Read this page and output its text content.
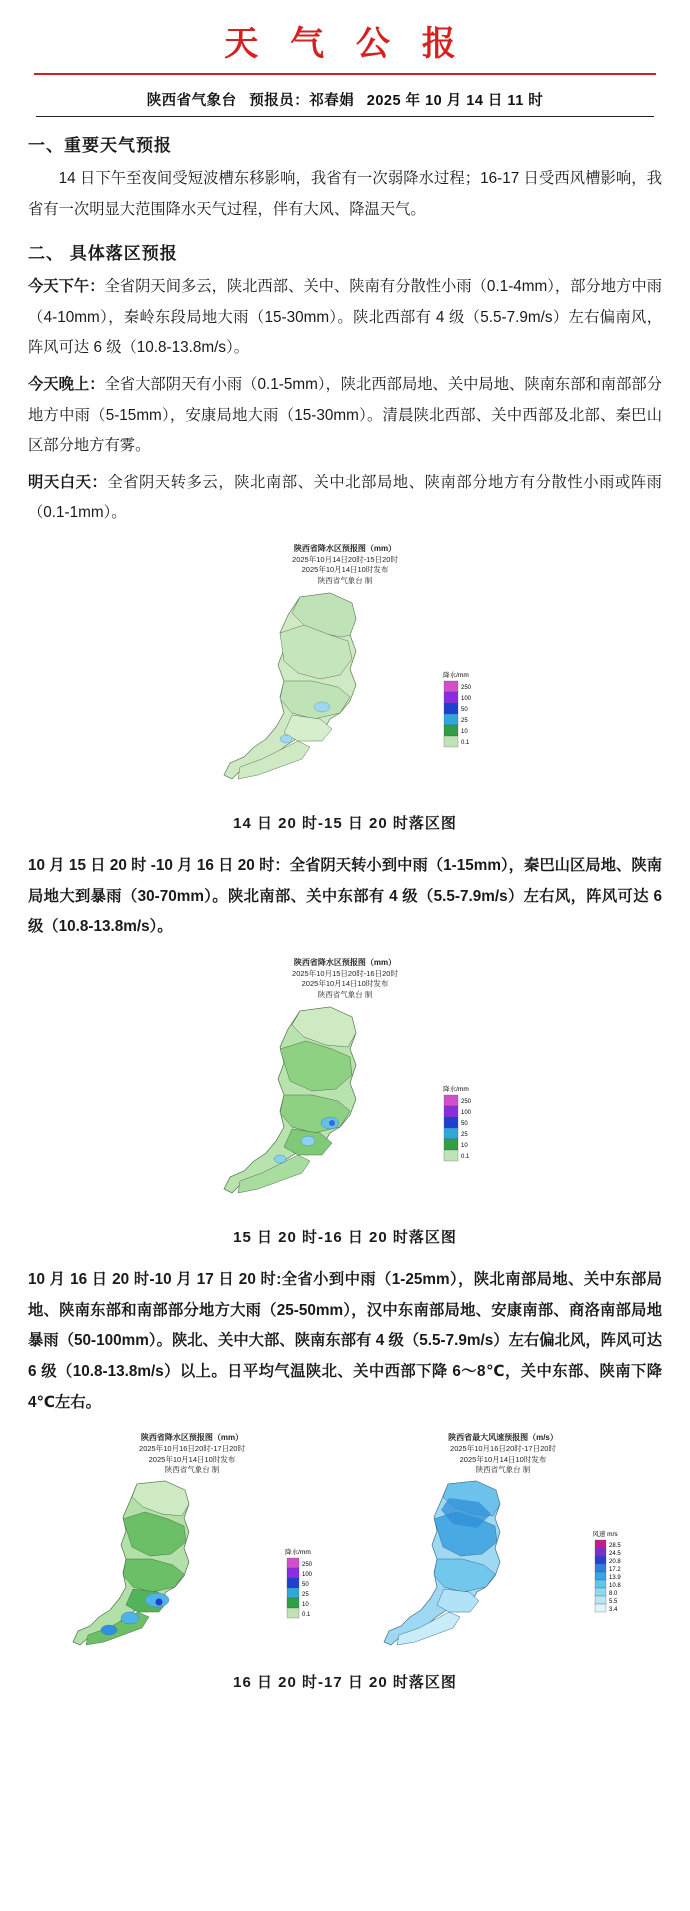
天 气 公 报
陕西省气象台 预报员：祁春娟 2025 年 10 月 14 日 11 时
一、重要天气预报

14 日下午至夜间受短波槽东移影响，我省有一次弱降水过程；16-17 日受西风槽影响，我省有一次明显大范围降水天气过程，伴有大风、降温天气。

二、 具体落区预报

今天下午：全省阴天间多云，陕北西部、关中、陕南有分散性小雨（0.1-4mm），部分地方中雨（4-10mm），秦岭东段局地大雨（15-30mm）。陕北西部有 4 级（5.5-7.9m/s）左右偏南风，阵风可达 6 级（10.8-13.8m/s）。

今天晚上：全省大部阴天有小雨（0.1-5mm），陕北西部局地、关中局地、陕南东部和南部部分地方中雨（5-15mm），安康局地大雨（15-30mm）。清晨陕北西部、关中西部及北部、秦巴山区部分地方有雾。

明天白天：全省阴天转多云，陕北南部、关中北部局地、陕南部分地方有分散性小雨或阵雨（0.1-1mm）。

陕西省降水区预报图（mm）
2025年10月14日20时-15日20时
2025年10月14日10时发布
陕西省气象台 制
降水/mm
250
100
50
25
10
0.1
14 日 20 时-15 日 20 时落区图

10 月 15 日 20 时 -10 月 16 日 20 时：全省阴天转小到中雨（1-15mm），秦巴山区局地、陕南局地大到暴雨（30-70mm）。陕北南部、关中东部有 4 级（5.5-7.9m/s）左右风，阵风可达 6 级（10.8-13.8m/s）。

陕西省降水区预报图（mm）
2025年10月15日20时-16日20时
2025年10月14日10时发布
陕西省气象台 制
降水/mm
250
100
50
25
10
0.1
15 日 20 时-16 日 20 时落区图

10 月 16 日 20 时-10 月 17 日 20 时:全省小到中雨（1-25mm），陕北南部局地、关中东部局地、陕南东部和南部部分地方大雨（25-50mm），汉中东南部局地、安康南部、商洛南部局地暴雨（50-100mm）。陕北、关中大部、陕南东部有 4 级（5.5-7.9m/s）左右偏北风，阵风可达 6 级（10.8-13.8m/s）以上。日平均气温陕北、关中西部下降 6～8℃，关中东部、陕南下降 4℃左右。

陕西省降水区预报图（mm）
2025年10月16日20时-17日20时
2025年10月14日10时发布
陕西省气象台 制
降水/mm
250
100
50
25
10
0.1
陕西省最大风速预报图（m/s）
2025年10月16日20时-17日20时
2025年10月14日10时发布
陕西省气象台 制
风速 m/s
28.5
24.5
20.8
17.2
13.9
10.8
8.0
5.5
3.4
16 日 20 时-17 日 20 时落区图
